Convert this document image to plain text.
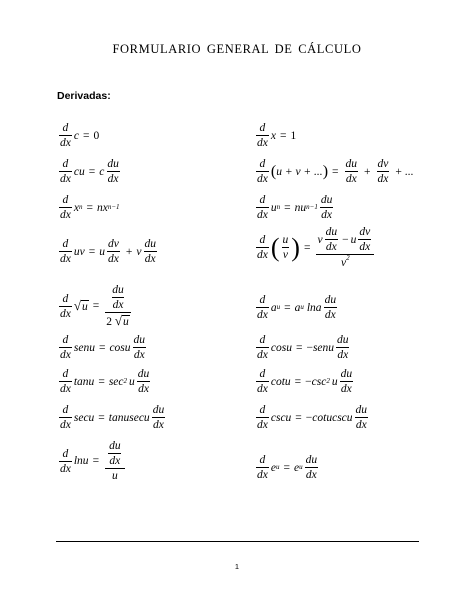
FORMULARIO GENERAL DE CÁLCULO
Derivadas:
$\frac{d}{dx}$ c = 0	$\frac{d}{dx}$ x = 1
$\frac{d}{dx}$ cu = c $\frac{du}{dx}$	$\frac{d}{dx}$ ( u + v + ... ) = $\frac{du}{dx} + \frac{dv}{dx}$ + ...
$\frac{d}{dx} x^n = nx^{n-1}$	$\frac{d}{dx} u^n = nu^{n-1} \frac{du}{dx}$
$\frac{d}{dx}$ uv = u $\frac{dv}{dx} + v \frac{du}{dx}$	$\frac{d}{dx}$ ( $\frac{u}{v}$ ) = $\frac{v \frac{du}{dx} - u \frac{dv}{dx}}{v^2}$
$\frac{d}{dx}$ √ $u = \frac{\frac{du}{dx}}{2 √u}$	$\frac{d}{dx} a^u = a^u$ lna $\frac{du}{dx}$
$\frac{d}{dx}$ senu = cosu $\frac{du}{dx}$	$\frac{d}{dx}$ cosu = − senu $\frac{du}{dx}$
$\frac{d}{dx}$ $\tan u = \sec^2 u \frac{du}{dx}$	$\frac{d}{dx}$ cotu = − $\csc^2 u \frac{du}{dx}$
$\frac{d}{dx}$ secu = tanusecu $\frac{du}{dx}$	$\frac{d}{dx}$ cscu = − cotucscu $\frac{du}{dx}$
$\frac{d}{dx}$ $\ln u = \frac{\frac{du}{dx}}{u}$	$\frac{d}{dx} e^u = e^u \frac{du}{dx}$
1
